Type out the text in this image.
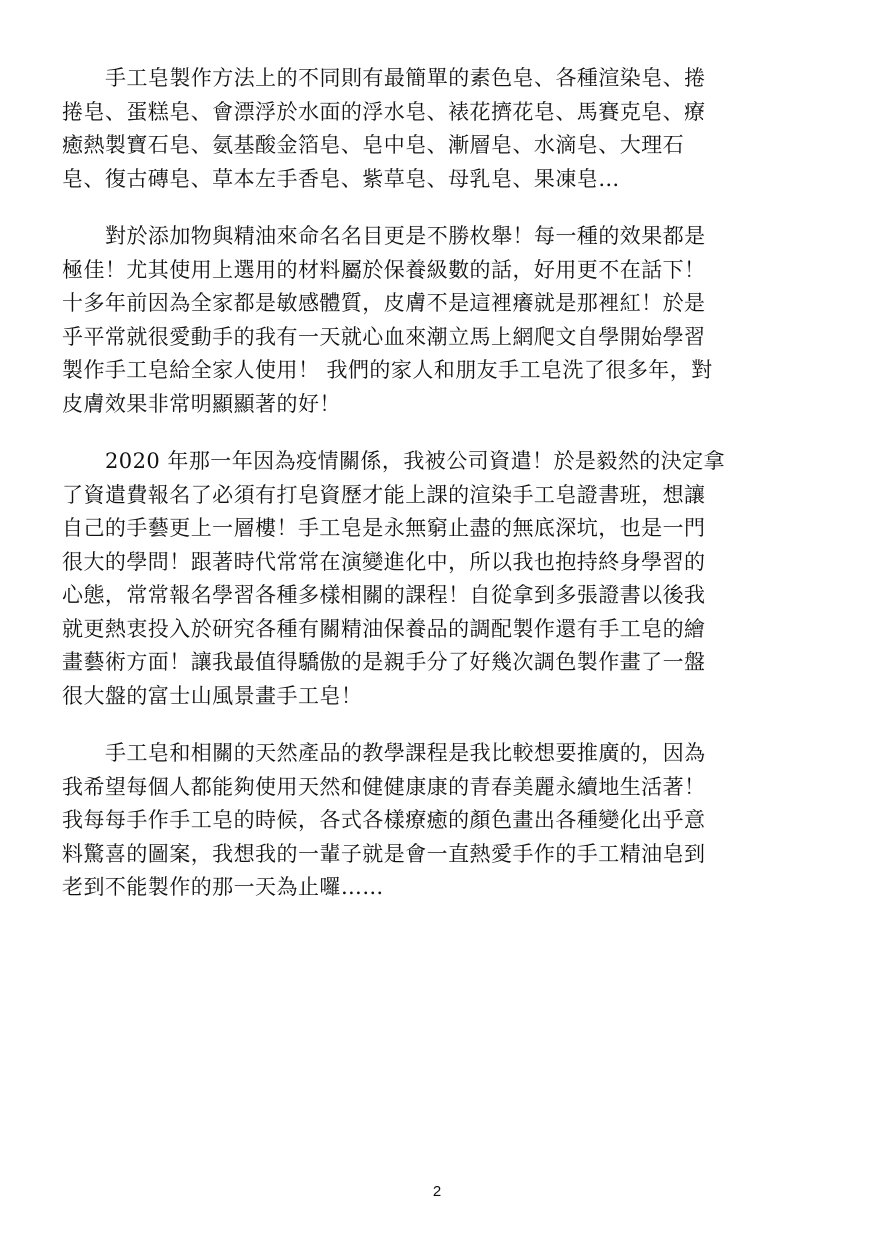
手工皂製作方法上的不同則有最簡單的素色皂、各種渲染皂、捲
捲皂、蛋糕皂、會漂浮於水面的浮水皂、裱花擠花皂、馬賽克皂、療
癒熱製寶石皂、氨基酸金箔皂、皂中皂、漸層皂、水滴皂、大理石
皂、復古磚皂、草本左手香皂、紫草皂、母乳皂、果凍皂…

對於添加物與精油來命名名目更是不勝枚舉！每一種的效果都是
極佳！尤其使用上選用的材料屬於保養級數的話，好用更不在話下！
十多年前因為全家都是敏感體質，皮膚不是這裡癢就是那裡紅！於是
乎平常就很愛動手的我有一天就心血來潮立馬上網爬文自學開始學習
製作手工皂給全家人使用！ 我們的家人和朋友手工皂洗了很多年，對
皮膚效果非常明顯顯著的好！

2020 年那一年因為疫情關係，我被公司資遣！於是毅然的決定拿
了資遣費報名了必須有打皂資歷才能上課的渲染手工皂證書班，想讓
自己的手藝更上一層樓！手工皂是永無窮止盡的無底深坑，也是一門
很大的學問！跟著時代常常在演變進化中，所以我也抱持終身學習的
心態，常常報名學習各種多樣相關的課程！自從拿到多張證書以後我
就更熱衷投入於研究各種有關精油保養品的調配製作還有手工皂的繪
畫藝術方面！讓我最值得驕傲的是親手分了好幾次調色製作畫了一盤
很大盤的富士山風景畫手工皂！

手工皂和相關的天然產品的教學課程是我比較想要推廣的，因為
我希望每個人都能夠使用天然和健健康康的青春美麗永續地生活著！
我每每手作手工皂的時候，各式各樣療癒的顏色畫出各種變化出乎意
料驚喜的圖案，我想我的一輩子就是會一直熱愛手作的手工精油皂到
老到不能製作的那一天為止囉……

2
